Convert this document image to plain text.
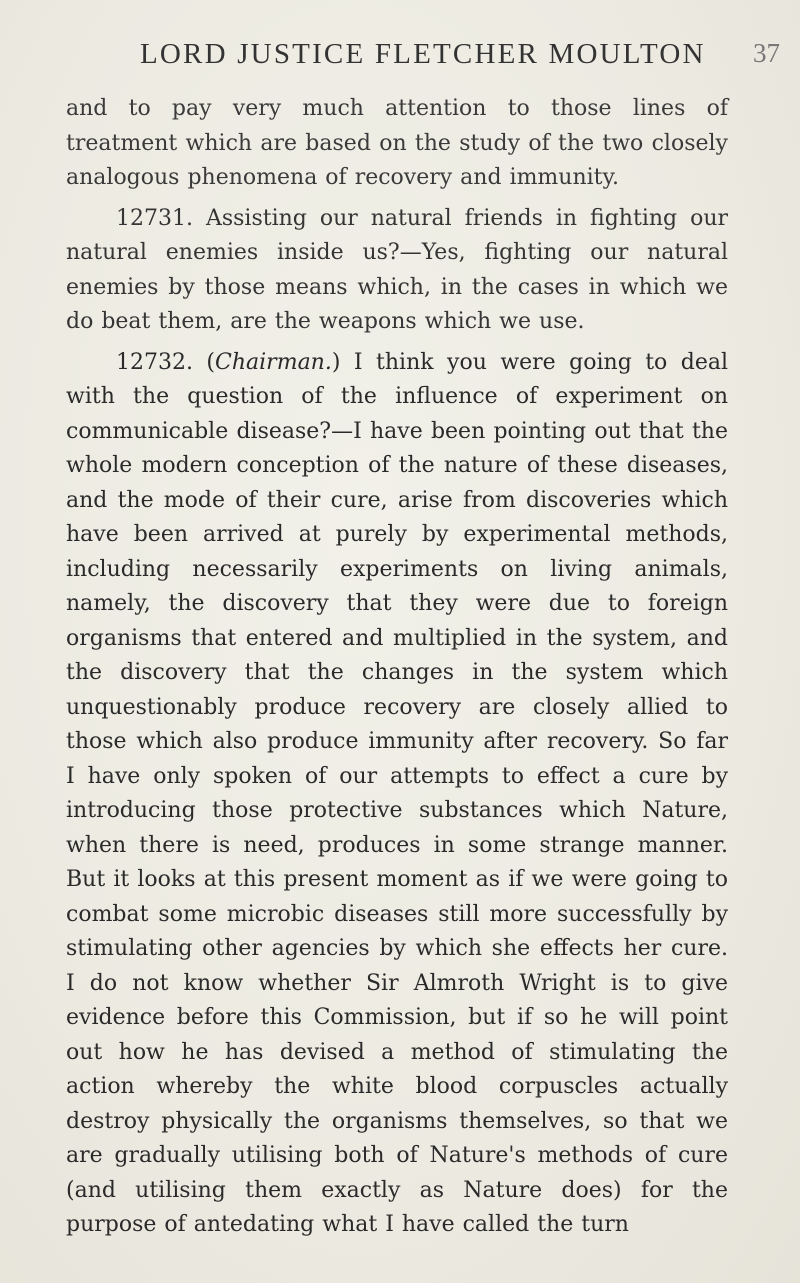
LORD JUSTICE FLETCHER MOULTON 37

and to pay very much attention to those lines of treatment which are based on the study of the two closely analogous phenomena of recovery and immunity.

12731. Assisting our natural friends in fighting our natural enemies inside us?—Yes, fighting our natural enemies by those means which, in the cases in which we do beat them, are the weapons which we use.

12732. (Chairman.) I think you were going to deal with the question of the influence of experiment on communicable disease?—I have been pointing out that the whole modern conception of the nature of these diseases, and the mode of their cure, arise from discoveries which have been arrived at purely by experimental methods, including necessarily experiments on living animals, namely, the discovery that they were due to foreign organisms that entered and multiplied in the system, and the discovery that the changes in the system which unquestionably produce recovery are closely allied to those which also produce immunity after recovery. So far I have only spoken of our attempts to effect a cure by introducing those protective substances which Nature, when there is need, produces in some strange manner. But it looks at this present moment as if we were going to combat some microbic diseases still more successfully by stimulating other agencies by which she effects her cure. I do not know whether Sir Almroth Wright is to give evidence before this Commission, but if so he will point out how he has devised a method of stimulating the action whereby the white blood corpuscles actually destroy physically the organisms themselves, so that we are gradually utilising both of Nature's methods of cure (and utilising them exactly as Nature does) for the purpose of antedating what I have called the turn
